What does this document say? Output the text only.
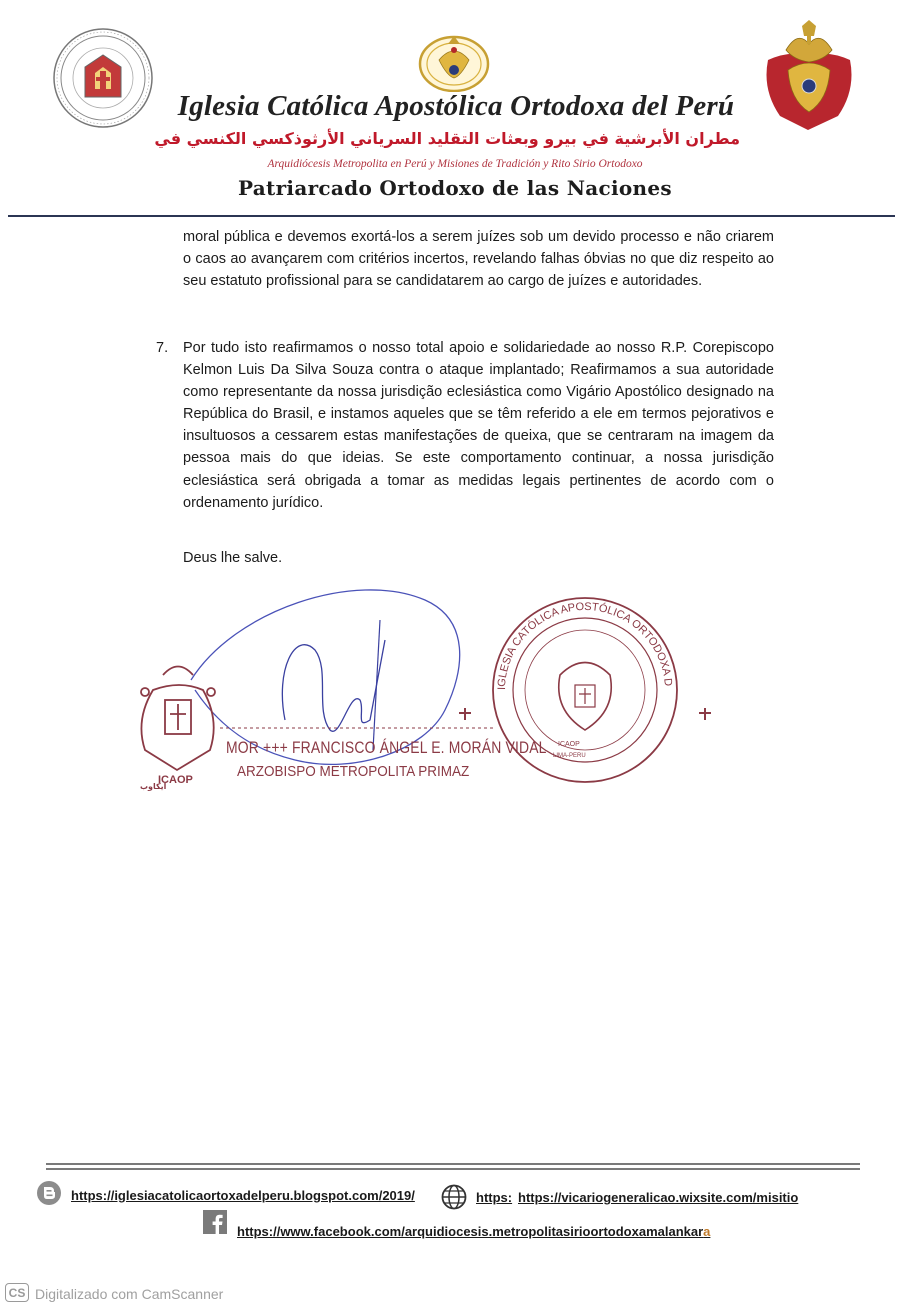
Iglesia Católica Apostólica Ortodoxa del Perú
مطران الأبرشية في بيرو وبعثات التقليد السرياني الأرثوذكسي الكنسي في
Arquidiócesis Metropolita en Perú y Misiones de Tradición y Rito Sirio Ortodoxo
Patriarcado Ortodoxo de las Naciones

moral pública e devemos exortá-los a serem juízes sob um devido processo e não criarem o caos ao avançarem com critérios incertos, revelando falhas óbvias no que diz respeito ao seu estatuto profissional para se candidatarem ao cargo de juízes e autoridades.

7. Por tudo isto reafirmamos o nosso total apoio e solidariedade ao nosso R.P. Corepiscopo Kelmon Luis Da Silva Souza contra o ataque implantado; Reafirmamos a sua autoridade como representante da nossa jurisdição eclesiástica como Vigário Apostólico designado na República do Brasil, e instamos aqueles que se têm referido a ele em termos pejorativos e insultuosos a cessarem estas manifestações de queixa, que se centraram na imagem da pessoa mais do que ideias. Se este comportamento continuar, a nossa jurisdição eclesiástica será obrigada a tomar as medidas legais pertinentes de acordo com o ordenamento jurídico.

Deus lhe salve.

ICAOP
ICAOP
LIMA-PERU
IGLESIA CATÓLICA APOSTÓLICA ORTODOXA DEL PERÚ
MOR +++ FRANCISCO ÁNGEL E. MORÁN VIDAL
ARZOBISPO METROPOLITA PRIMAZ
ايكاوب
https://iglesiacatolicaortoxadelperu.blogspot.com/2019/	https: https://vicariogeneralicao.wixsite.com/misitio
https://www.facebook.com/arquidiocesis.metropolitasirioortodoxamalankara
CS Digitalizado com CamScanner
